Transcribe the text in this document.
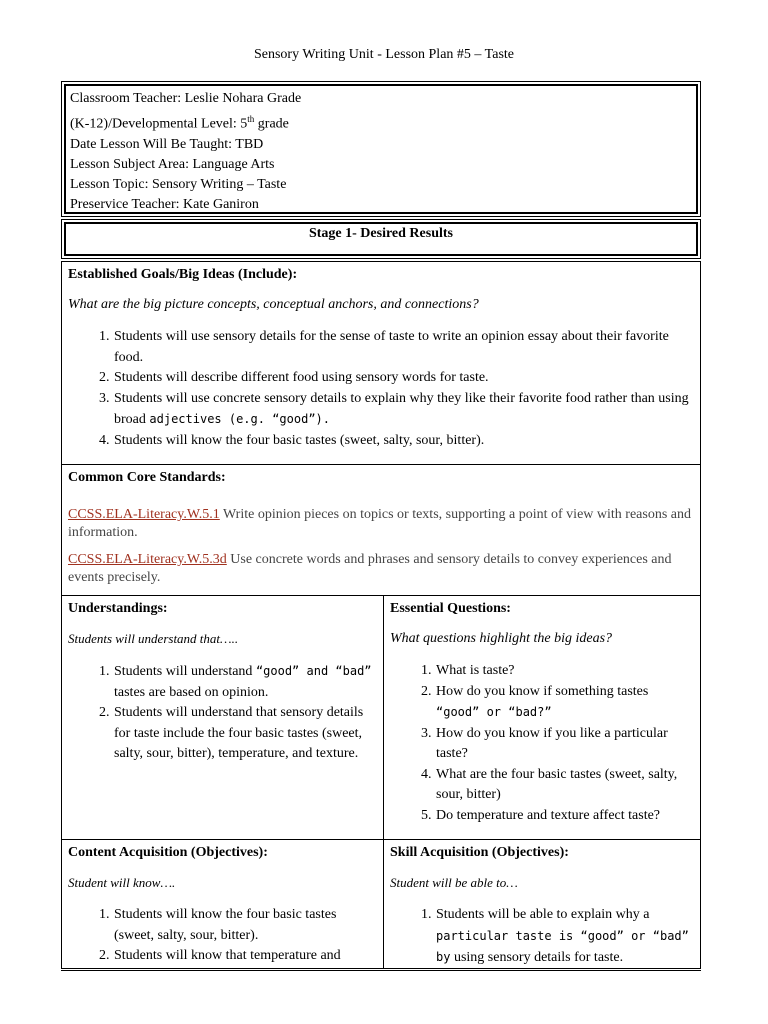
Sensory Writing Unit - Lesson Plan #5 – Taste
Classroom Teacher: Leslie Nohara Grade
(K-12)/Developmental Level: 5th grade
Date Lesson Will Be Taught: TBD
Lesson Subject Area: Language Arts
Lesson Topic: Sensory Writing – Taste
Preservice Teacher: Kate Ganiron
Stage 1- Desired Results
Established Goals/Big Ideas (Include):
What are the big picture concepts, conceptual anchors, and connections?
1. Students will use sensory details for the sense of taste to write an opinion essay about their favorite food.
2. Students will describe different food using sensory words for taste.
3. Students will use concrete sensory details to explain why they like their favorite food rather than using broad adjectives (e.g. “good”).
4. Students will know the four basic tastes (sweet, salty, sour, bitter).
Common Core Standards:
CCSS.ELA-Literacy.W.5.1 Write opinion pieces on topics or texts, supporting a point of view with reasons and information.
CCSS.ELA-Literacy.W.5.3d Use concrete words and phrases and sensory details to convey experiences and events precisely.
Understandings:
Students will understand that…..
1. Students will understand “good” and “bad” tastes are based on opinion.
2. Students will understand that sensory details for taste include the four basic tastes (sweet, salty, sour, bitter), temperature, and texture.
Essential Questions:
What questions highlight the big ideas?
1. What is taste?
2. How do you know if something tastes “good” or “bad?”
3. How do you know if you like a particular taste?
4. What are the four basic tastes (sweet, salty, sour, bitter)
5. Do temperature and texture affect taste?
Content Acquisition (Objectives):
Student will know….
1. Students will know the four basic tastes (sweet, salty, sour, bitter).
2. Students will know that temperature and
Skill Acquisition (Objectives):
Student will be able to…
1. Students will be able to explain why a particular taste is “good” or “bad” by using sensory details for taste.
